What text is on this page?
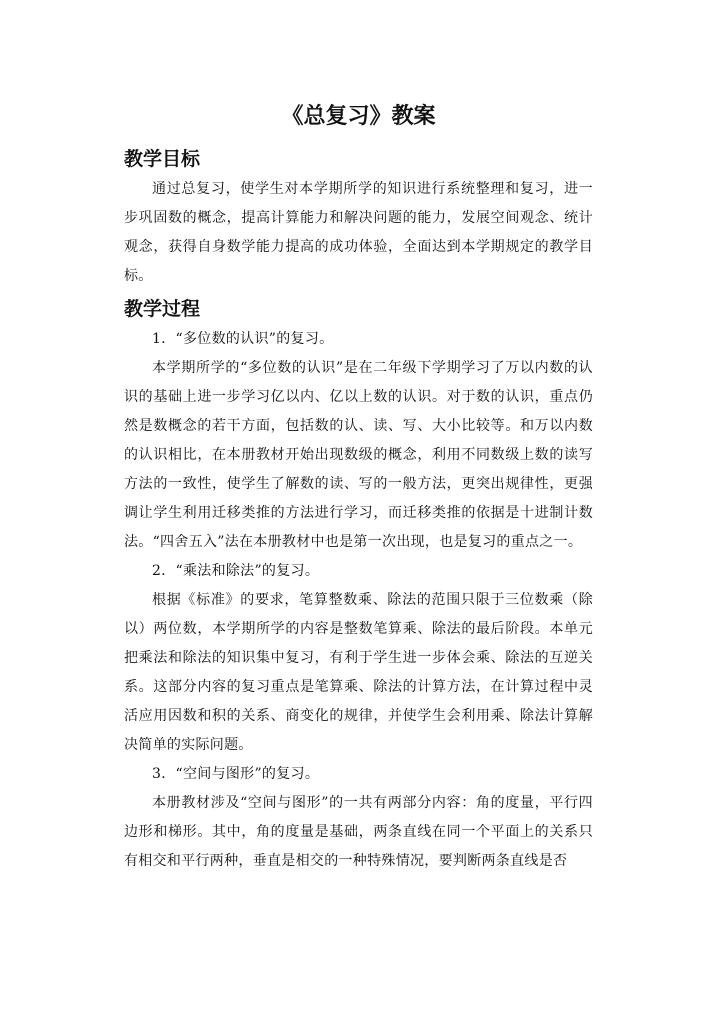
《总复习》教案
教学目标

通过总复习，使学生对本学期所学的知识进行系统整理和复习，进一步巩固数的概念，提高计算能力和解决问题的能力，发展空间观念、统计观念，获得自身数学能力提高的成功体验，全面达到本学期规定的教学目标。

教学过程

1．“多位数的认识”的复习。

本学期所学的“多位数的认识”是在二年级下学期学习了万以内数的认识的基础上进一步学习亿以内、亿以上数的认识。对于数的认识，重点仍然是数概念的若干方面，包括数的认、读、写、大小比较等。和万以内数的认识相比，在本册教材开始出现数级的概念，利用不同数级上数的读写方法的一致性，使学生了解数的读、写的一般方法，更突出规律性，更强调让学生利用迁移类推的方法进行学习，而迁移类推的依据是十进制计数法。“四舍五入”法在本册教材中也是第一次出现，也是复习的重点之一。

2．“乘法和除法”的复习。

根据《标准》的要求，笔算整数乘、除法的范围只限于三位数乘（除以）两位数，本学期所学的内容是整数笔算乘、除法的最后阶段。本单元把乘法和除法的知识集中复习，有利于学生进一步体会乘、除法的互逆关系。这部分内容的复习重点是笔算乘、除法的计算方法，在计算过程中灵活应用因数和积的关系、商变化的规律，并使学生会利用乘、除法计算解决简单的实际问题。

3．“空间与图形”的复习。

本册教材涉及“空间与图形”的一共有两部分内容：角的度量，平行四边形和梯形。其中，角的度量是基础，两条直线在同一个平面上的关系只有相交和平行两种，垂直是相交的一种特殊情况，要判断两条直线是否
